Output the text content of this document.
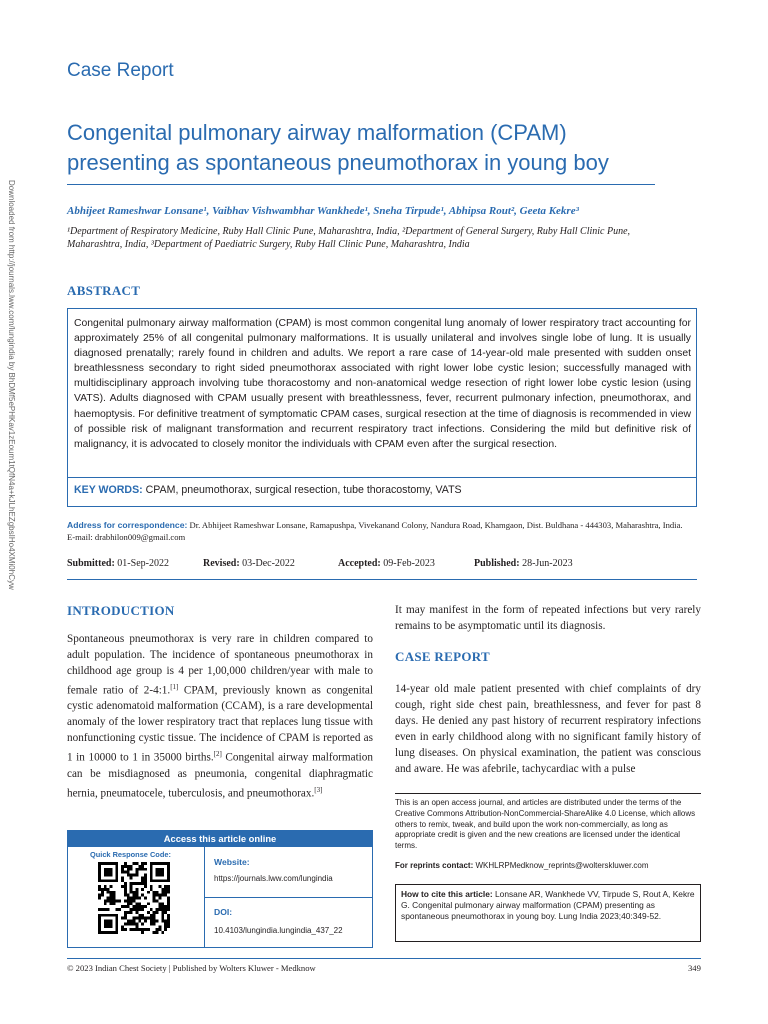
Downloaded from http://journals.lww.com/lungindia by BhDMf5ePHKav1zEoum1tQfN4a+kJLhEZgbsIHo4XMi0hCyw

Case Report
Congenital pulmonary airway malformation (CPAM) presenting as spontaneous pneumothorax in young boy
Abhijeet Rameshwar Lonsane¹, Vaibhav Vishwambhar Wankhede¹, Sneha Tirpude¹, Abhipsa Rout², Geeta Kekre³
¹Department of Respiratory Medicine, Ruby Hall Clinic Pune, Maharashtra, India, ²Department of General Surgery, Ruby Hall Clinic Pune, Maharashtra, India, ³Department of Paediatric Surgery, Ruby Hall Clinic Pune, Maharashtra, India
ABSTRACT
Congenital pulmonary airway malformation (CPAM) is most common congenital lung anomaly of lower respiratory tract accounting for approximately 25% of all congenital pulmonary malformations. It is usually unilateral and involves single lobe of lung. It is usually diagnosed prenatally; rarely found in children and adults. We report a rare case of 14-year-old male presented with sudden onset breathlessness secondary to right sided pneumothorax associated with right lower lobe cystic lesion; successfully managed with multidisciplinary approach involving tube thoracostomy and non-anatomical wedge resection of right lower lobe cystic lesion (using VATS). Adults diagnosed with CPAM usually present with breathlessness, fever, recurrent pulmonary infection, pneumothorax, and haemoptysis. For definitive treatment of symptomatic CPAM cases, surgical resection at the time of diagnosis is recommended in view of possible risk of malignant transformation and recurrent respiratory tract infections. Considering the mild but definitive risk of malignancy, it is advocated to closely monitor the individuals with CPAM even after the surgical resection.
KEY WORDS: CPAM, pneumothorax, surgical resection, tube thoracostomy, VATS
Address for correspondence: Dr. Abhijeet Rameshwar Lonsane, Ramapushpa, Vivekanand Colony, Nandura Road, Khamgaon, Dist. Buldhana - 444303, Maharashtra, India.
E-mail: drabhilon009@gmail.com
Submitted: 01-Sep-2022	Revised: 03-Dec-2022	Accepted: 09-Feb-2023	Published: 28-Jun-2023
INTRODUCTION
Spontaneous pneumothorax is very rare in children compared to adult population. The incidence of spontaneous pneumothorax in childhood age group is 4 per 1,00,000 children/year with male to female ratio of 2-4:1.[1] CPAM, previously known as congenital cystic adenomatoid malformation (CCAM), is a rare developmental anomaly of the lower respiratory tract that replaces lung tissue with nonfunctioning cystic tissue. The incidence of CPAM is reported as 1 in 10000 to 1 in 35000 births.[2] Congenital airway malformation can be misdiagnosed as pneumonia, congenital diaphragmatic hernia, pneumatocele, tuberculosis, and pneumothorax.[3]
It may manifest in the form of repeated infections but very rarely remains to be asymptomatic until its diagnosis.
CASE REPORT
14-year old male patient presented with chief complaints of dry cough, right side chest pain, breathlessness, and fever for past 8 days. He denied any past history of recurrent respiratory infections even in early childhood along with no significant family history of lung diseases. On physical examination, the patient was conscious and aware. He was afebrile, tachycardiac with a pulse
This is an open access journal, and articles are distributed under the terms of the Creative Commons Attribution-NonCommercial-ShareAlike 4.0 License, which allows others to remix, tweak, and build upon the work non-commercially, as long as appropriate credit is given and the new creations are licensed under the identical terms.
For reprints contact: WKHLRPMedknow_reprints@wolterskluwer.com
How to cite this article: Lonsane AR, Wankhede VV, Tirpude S, Rout A, Kekre G. Congenital pulmonary airway malformation (CPAM) presenting as spontaneous pneumothorax in young boy. Lung India 2023;40:349-52.
Access this article online
Quick Response Code:
Website:
https://journals.lww.com/lungindia
DOI:
10.4103/lungindia.lungindia_437_22
© 2023 Indian Chest Society | Published by Wolters Kluwer - Medknow	349
